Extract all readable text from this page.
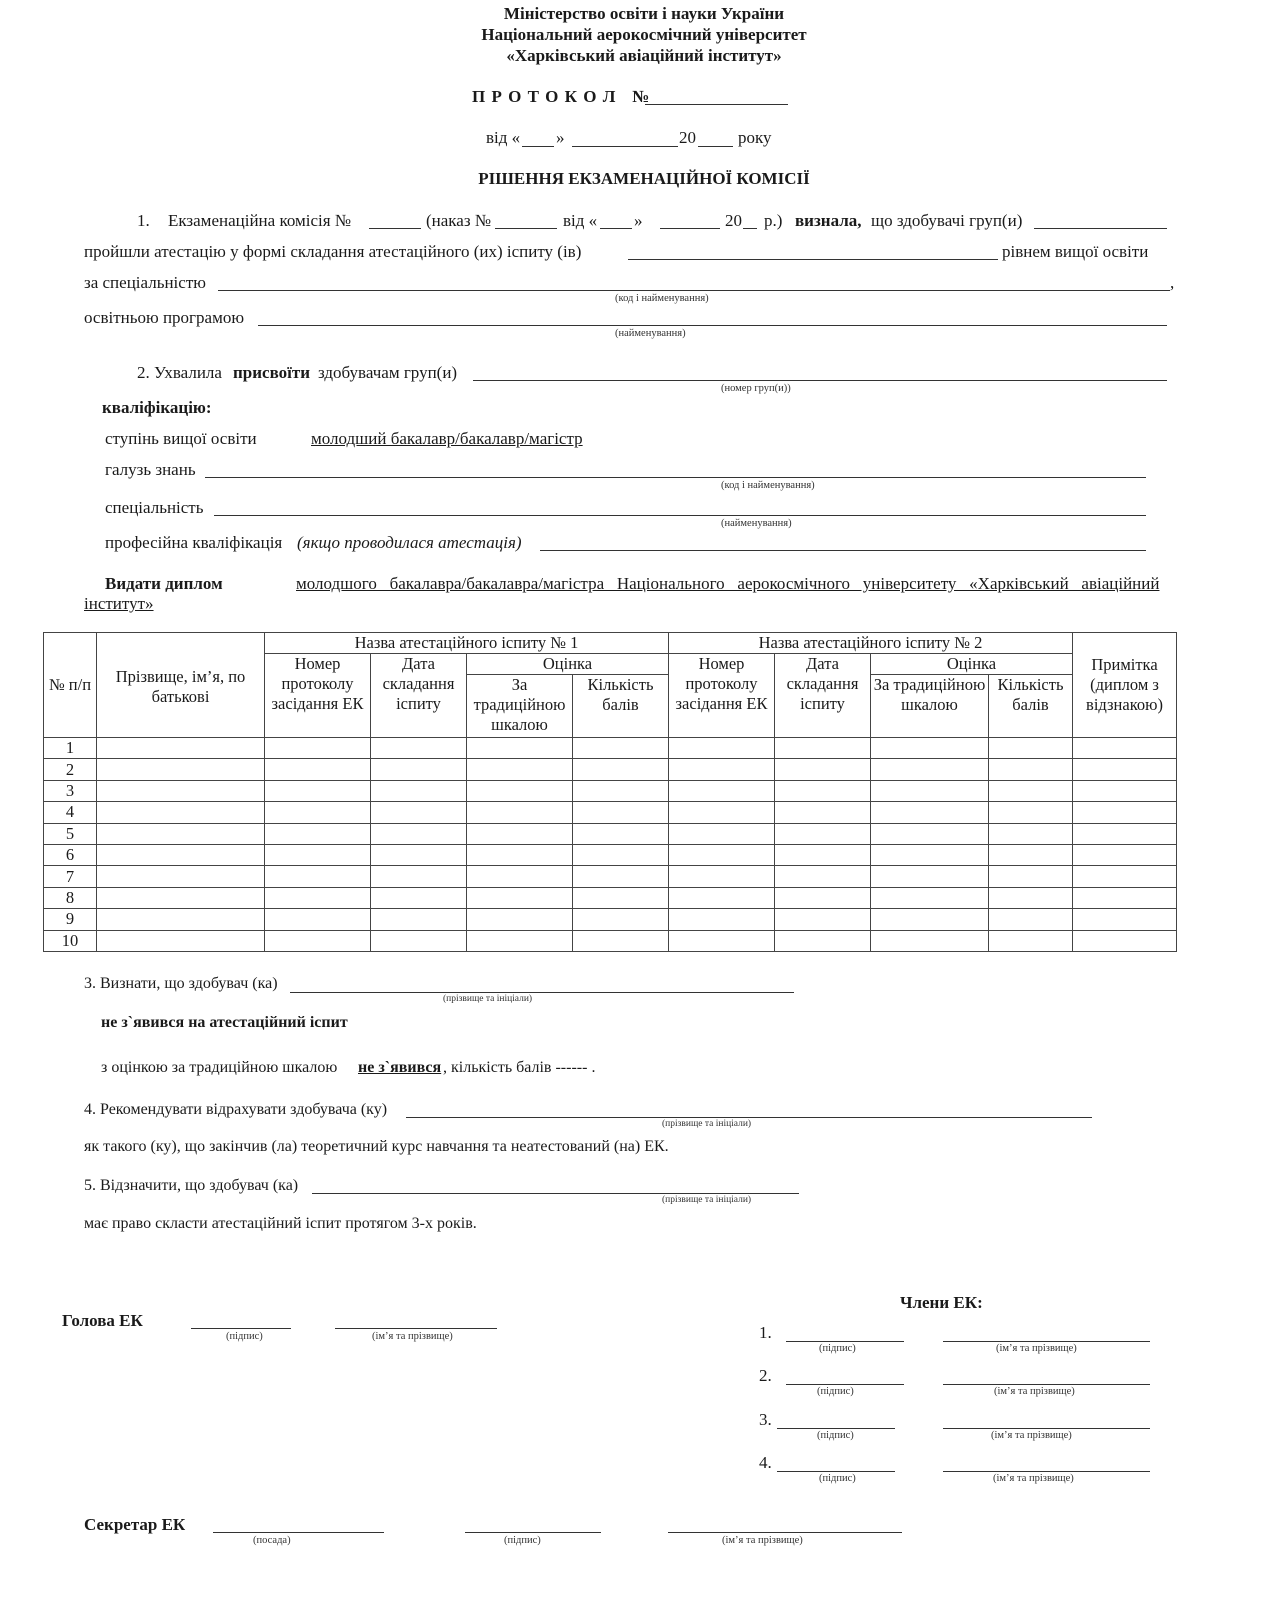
Міністерство освіти і науки України
Національний аерокосмічний університет
«Харківський авіаційний інститут»
П Р О Т О К О Л   №
від « »	20 року
РІШЕННЯ ЕКЗАМЕНАЦІЙНОЇ КОМІСІЇ
1. Екзаменаційна комісія №	(наказ №	від « »	20 р.) визнала, що здобувачі груп(и)
пройшли атестацію у формі складання атестаційного (их) іспиту (ів)	рівнем вищої освіти
за спеціальністю	,
(код і найменування)
освітньою програмою
(найменування)
2. Ухвалила присвоїти здобувачам груп(и)
(номер груп(и))
кваліфікацію:
ступінь вищої освіти	молодший бакалавр/бакалавр/магістр
галузь знань
(код і найменування)
спеціальність
(найменування)
професійна кваліфікація (якщо проводилася атестація)
Видати диплом	молодшого   бакалавра/бакалавра/магістра   Національного   аерокосмічного   університету   «Харківський   авіаційний
інститут»
№ п/п	Прізвище, ім’я, по батькові	Назва атестаційного іспиту № 1				Назва атестаційного іспиту № 2				Примітка (диплом з відзнакою)
		Номер протоколу засідання ЕК	Дата складання іспиту	Оцінка		Номер протоколу засідання ЕК	Дата складання іспиту	Оцінка		
				За традиційною шкалою	Кількість балів			За традиційною шкалою	Кількість балів	
1										
2										
3										
4										
5										
6										
7										
8										
9										
10										
3. Визнати, що здобувач (ка)
(прізвище та ініціали)
не з`явився на атестаційний іспит
з оцінкою за традиційною шкалою не з`явився , кількість балів ------ .
4. Рекомендувати відрахувати здобувача (ку)
(прізвище та ініціали)
як такого (ку), що закінчив (ла) теоретичний курс навчання та неатестований (на) ЕК.
5. Відзначити, що здобувач (ка)
(прізвище та ініціали)
має право скласти атестаційний іспит протягом 3-х років.
Голова ЕК
(підпис)	(ім’я та прізвище)
Члени ЕК:
1.
(підпис)	(ім’я та прізвище)
2.
(підпис)	(ім’я та прізвище)
3.
(підпис)	(ім’я та прізвище)
4.
(підпис)	(ім’я та прізвище)
Секретар ЕК
(посада)	(підпис)	(ім’я та прізвище)
